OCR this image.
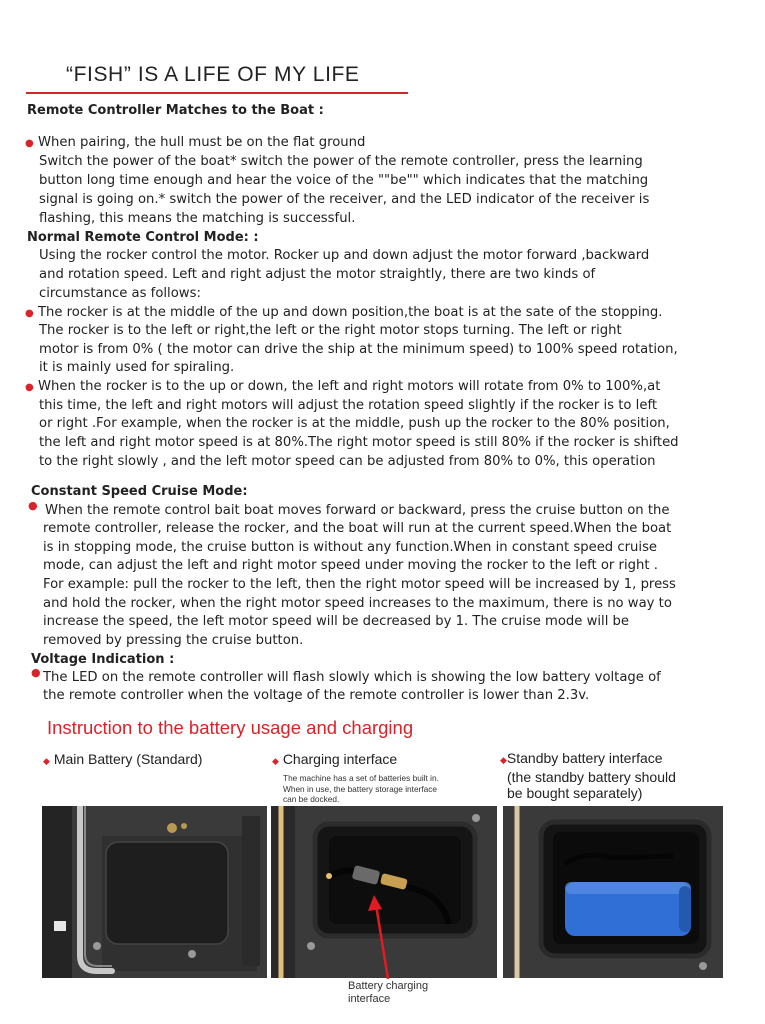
“FISH” IS A LIFE OF MY LIFE
Remote Controller Matches to the Boat :
● When pairing, the hull must be on the flat ground
Switch the power of the boat* switch the power of the remote controller, press the learning
button long time enough and hear the voice of the ""be"" which indicates that the matching
signal is going on.* switch the power of the receiver, and the LED indicator of the receiver is
flashing, this means the matching is successful.
Normal Remote Control Mode: :
Using the rocker control the motor. Rocker up and down adjust the motor forward ,backward
and rotation speed. Left and right adjust the motor straightly, there are two kinds of
circumstance as follows:
● The rocker is at the middle of the up and down position,the boat is at the sate of the stopping.
The rocker is to the left or right,the left or the right motor stops turning. The left or right
motor is from 0% ( the motor can drive the ship at the minimum speed) to 100% speed rotation,
it is mainly used for spiraling.
● When the rocker is to the up or down, the left and right motors will rotate from 0% to 100%,at
this time, the left and right motors will adjust the rotation speed slightly if the rocker is to left
or right .For example, when the rocker is at the middle, push up the rocker to the 80% position,
the left and right motor speed is at 80%.The right motor speed is still 80% if the rocker is shifted
to the right slowly , and the left motor speed can be adjusted from 80% to 0%, this operation
Constant Speed Cruise Mode:
● When the remote control bait boat moves forward or backward, press the cruise button on the
remote controller, release the rocker, and the boat will run at the current speed.When the boat
is in stopping mode, the cruise button is without any function.When in constant speed cruise
mode, can adjust the left and right motor speed under moving the rocker to the left or right .
For example: pull the rocker to the left, then the right motor speed will be increased by 1, press
and hold the rocker, when the right motor speed increases to the maximum, there is no way to
increase the speed, the left motor speed will be decreased by 1. The cruise mode will be
removed by pressing the cruise button.
Voltage Indication :
● The LED on the remote controller will flash slowly which is showing the low battery voltage of
the remote controller when the voltage of the remote controller is lower than 2.3v.
Instruction to the battery usage and charging
◆ Main Battery (Standard)	◆ Charging interface
The machine has a set of batteries built in.
When in use, the battery storage interface
can be docked.
◆Standby battery interface
(the standby battery should
be bought separately)
Battery charging
interface
